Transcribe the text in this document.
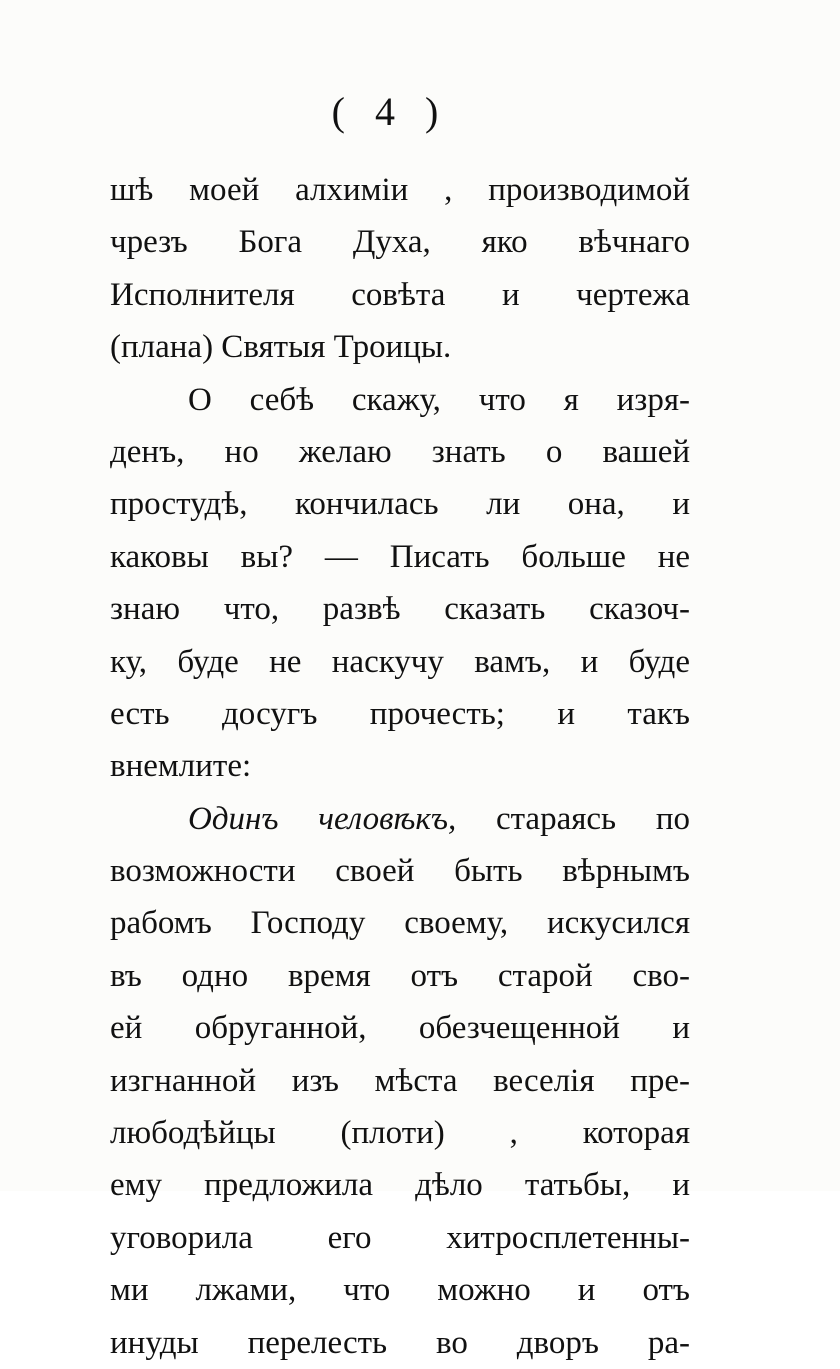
( 4 )
шѣ моей алхиміи , производимой
чрезъ Бога Духа, яко вѣчнаго
Исполнителя совѣта и чертежа
(плана) Святыя Троицы.
О себѣ скажу, что я изря-
денъ, но желаю знать о вашей
простудѣ, кончилась ли она, и
каковы вы? — Писать больше не
знаю что, развѣ сказать сказоч-
ку, буде не наскучу вамъ, и буде
есть досугъ прочесть; и такъ
внемлите:
Одинъ человѣкъ, стараясь по
возможности своей быть вѣрнымъ
рабомъ Господу своему, искусился
въ одно время отъ старой сво-
ей обруганной, обезчещенной и
изгнанной изъ мѣста веселія пре-
любодѣйцы (плоти) , которая
ему предложила дѣло татьбы, и
уговорила его хитросплетенны-
ми лжами, что можно и отъ
инуды перелесть во дворъ ра-
